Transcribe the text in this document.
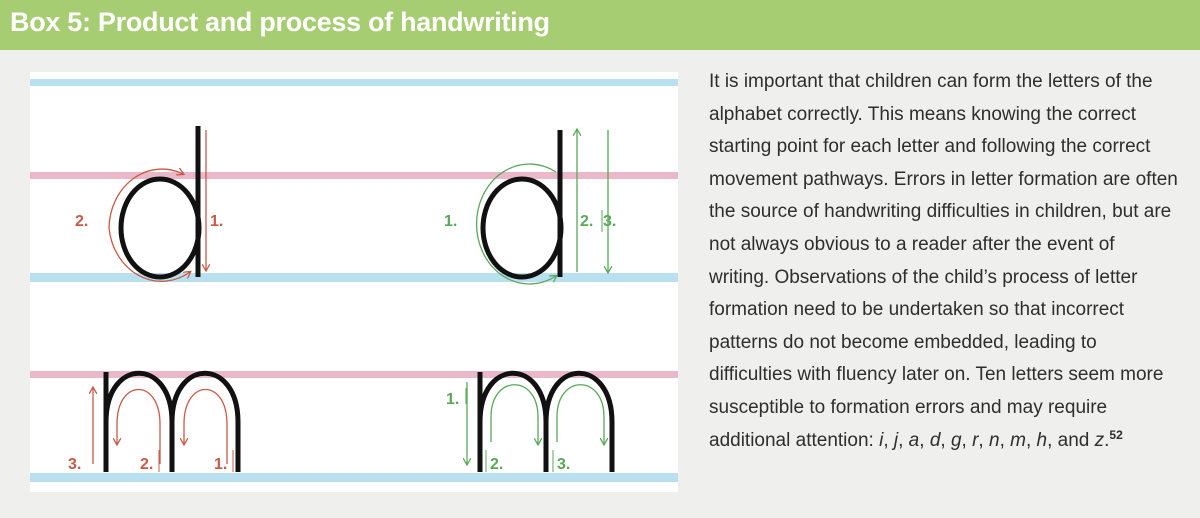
Box 5: Product and process of handwriting
2.	1.	1.	2. 3.
3.	2.	1.
1.
2.	3.

It is important that children can form the letters of the alphabet correctly. This means knowing the correct starting point for each letter and following the correct movement pathways. Errors in letter formation are often the source of handwriting difficulties in children, but are not always obvious to a reader after the event of writing. Observations of the child’s process of letter formation need to be undertaken so that incorrect patterns do not become embedded, leading to difficulties with fluency later on. Ten letters seem more susceptible to formation errors and may require additional attention: i, j, a, d, g, r, n, m, h, and z.$^{52}$
